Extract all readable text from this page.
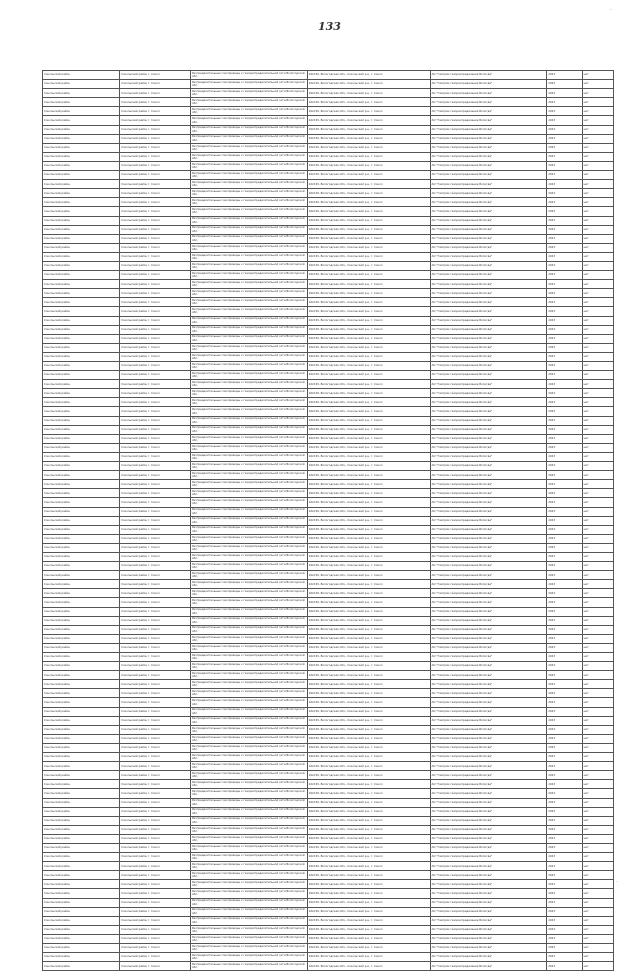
·
133
Сокольский район	Сокольский район г. Сокол	Распределительные газопроводы к газораспределительной сети Вологодской обл.	162130, Вологодская обл., Сокольский р-н, г. Сокол	АО "Газпром газораспределение Вологда"	2023	нет
Сокольский район	Сокольский район г. Сокол	Распределительные газопроводы к газораспределительной сети Вологодской обл.	162130, Вологодская обл., Сокольский р-н, г. Сокол	АО "Газпром газораспределение Вологда"	2023	нет
Сокольский район	Сокольский район г. Сокол	Распределительные газопроводы к газораспределительной сети Вологодской обл.	162130, Вологодская обл., Сокольский р-н, г. Сокол	АО "Газпром газораспределение Вологда"	2023	нет
Сокольский район	Сокольский район г. Сокол	Распределительные газопроводы к газораспределительной сети Вологодской обл.	162130, Вологодская обл., Сокольский р-н, г. Сокол	АО "Газпром газораспределение Вологда"	2023	нет
Сокольский район	Сокольский район г. Сокол	Распределительные газопроводы к газораспределительной сети Вологодской обл.	162130, Вологодская обл., Сокольский р-н, г. Сокол	АО "Газпром газораспределение Вологда"	2023	нет
Сокольский район	Сокольский район г. Сокол	Распределительные газопроводы к газораспределительной сети Вологодской обл.	162130, Вологодская обл., Сокольский р-н, г. Сокол	АО "Газпром газораспределение Вологда"	2023	нет
Сокольский район	Сокольский район г. Сокол	Распределительные газопроводы к газораспределительной сети Вологодской обл.	162130, Вологодская обл., Сокольский р-н, г. Сокол	АО "Газпром газораспределение Вологда"	2023	нет
Сокольский район	Сокольский район г. Сокол	Распределительные газопроводы к газораспределительной сети Вологодской обл.	162130, Вологодская обл., Сокольский р-н, г. Сокол	АО "Газпром газораспределение Вологда"	2023	нет
Сокольский район	Сокольский район г. Сокол	Распределительные газопроводы к газораспределительной сети Вологодской обл.	162130, Вологодская обл., Сокольский р-н, г. Сокол	АО "Газпром газораспределение Вологда"	2023	нет
Сокольский район	Сокольский район г. Сокол	Распределительные газопроводы к газораспределительной сети Вологодской обл.	162130, Вологодская обл., Сокольский р-н, г. Сокол	АО "Газпром газораспределение Вологда"	2023	нет
Сокольский район	Сокольский район г. Сокол	Распределительные газопроводы к газораспределительной сети Вологодской обл.	162130, Вологодская обл., Сокольский р-н, г. Сокол	АО "Газпром газораспределение Вологда"	2023	нет
Сокольский район	Сокольский район г. Сокол	Распределительные газопроводы к газораспределительной сети Вологодской обл.	162130, Вологодская обл., Сокольский р-н, г. Сокол	АО "Газпром газораспределение Вологда"	2023	нет
Сокольский район	Сокольский район г. Сокол	Распределительные газопроводы к газораспределительной сети Вологодской обл.	162130, Вологодская обл., Сокольский р-н, г. Сокол	АО "Газпром газораспределение Вологда"	2023	нет
Сокольский район	Сокольский район г. Сокол	Распределительные газопроводы к газораспределительной сети Вологодской обл.	162130, Вологодская обл., Сокольский р-н, г. Сокол	АО "Газпром газораспределение Вологда"	2023	нет
Сокольский район	Сокольский район г. Сокол	Распределительные газопроводы к газораспределительной сети Вологодской обл.	162130, Вологодская обл., Сокольский р-н, г. Сокол	АО "Газпром газораспределение Вологда"	2023	нет
Сокольский район	Сокольский район г. Сокол	Распределительные газопроводы к газораспределительной сети Вологодской обл.	162130, Вологодская обл., Сокольский р-н, г. Сокол	АО "Газпром газораспределение Вологда"	2023	нет
Сокольский район	Сокольский район г. Сокол	Распределительные газопроводы к газораспределительной сети Вологодской обл.	162130, Вологодская обл., Сокольский р-н, г. Сокол	АО "Газпром газораспределение Вологда"	2023	нет
Сокольский район	Сокольский район г. Сокол	Распределительные газопроводы к газораспределительной сети Вологодской обл.	162130, Вологодская обл., Сокольский р-н, г. Сокол	АО "Газпром газораспределение Вологда"	2023	нет
Сокольский район	Сокольский район г. Сокол	Распределительные газопроводы к газораспределительной сети Вологодской обл.	162130, Вологодская обл., Сокольский р-н, г. Сокол	АО "Газпром газораспределение Вологда"	2023	нет
Сокольский район	Сокольский район г. Сокол	Распределительные газопроводы к газораспределительной сети Вологодской обл.	162130, Вологодская обл., Сокольский р-н, г. Сокол	АО "Газпром газораспределение Вологда"	2023	нет
Сокольский район	Сокольский район г. Сокол	Распределительные газопроводы к газораспределительной сети Вологодской обл.	162130, Вологодская обл., Сокольский р-н, г. Сокол	АО "Газпром газораспределение Вологда"	2023	нет
Сокольский район	Сокольский район г. Сокол	Распределительные газопроводы к газораспределительной сети Вологодской обл.	162130, Вологодская обл., Сокольский р-н, г. Сокол	АО "Газпром газораспределение Вологда"	2023	нет
Сокольский район	Сокольский район г. Сокол	Распределительные газопроводы к газораспределительной сети Вологодской обл.	162130, Вологодская обл., Сокольский р-н, г. Сокол	АО "Газпром газораспределение Вологда"	2023	нет
Сокольский район	Сокольский район г. Сокол	Распределительные газопроводы к газораспределительной сети Вологодской обл.	162130, Вологодская обл., Сокольский р-н, г. Сокол	АО "Газпром газораспределение Вологда"	2023	нет
Сокольский район	Сокольский район г. Сокол	Распределительные газопроводы к газораспределительной сети Вологодской обл.	162130, Вологодская обл., Сокольский р-н, г. Сокол	АО "Газпром газораспределение Вологда"	2023	нет
Сокольский район	Сокольский район г. Сокол	Распределительные газопроводы к газораспределительной сети Вологодской обл.	162130, Вологодская обл., Сокольский р-н, г. Сокол	АО "Газпром газораспределение Вологда"	2023	нет
Сокольский район	Сокольский район г. Сокол	Распределительные газопроводы к газораспределительной сети Вологодской обл.	162130, Вологодская обл., Сокольский р-н, г. Сокол	АО "Газпром газораспределение Вологда"	2023	нет
Сокольский район	Сокольский район г. Сокол	Распределительные газопроводы к газораспределительной сети Вологодской обл.	162130, Вологодская обл., Сокольский р-н, г. Сокол	АО "Газпром газораспределение Вологда"	2023	нет
Сокольский район	Сокольский район г. Сокол	Распределительные газопроводы к газораспределительной сети Вологодской обл.	162130, Вологодская обл., Сокольский р-н, г. Сокол	АО "Газпром газораспределение Вологда"	2023	нет
Сокольский район	Сокольский район г. Сокол	Распределительные газопроводы к газораспределительной сети Вологодской обл.	162130, Вологодская обл., Сокольский р-н, г. Сокол	АО "Газпром газораспределение Вологда"	2023	нет
Сокольский район	Сокольский район г. Сокол	Распределительные газопроводы к газораспределительной сети Вологодской обл.	162130, Вологодская обл., Сокольский р-н, г. Сокол	АО "Газпром газораспределение Вологда"	2023	нет
Сокольский район	Сокольский район г. Сокол	Распределительные газопроводы к газораспределительной сети Вологодской обл.	162130, Вологодская обл., Сокольский р-н, г. Сокол	АО "Газпром газораспределение Вологда"	2023	нет
Сокольский район	Сокольский район г. Сокол	Распределительные газопроводы к газораспределительной сети Вологодской обл.	162130, Вологодская обл., Сокольский р-н, г. Сокол	АО "Газпром газораспределение Вологда"	2023	нет
Сокольский район	Сокольский район г. Сокол	Распределительные газопроводы к газораспределительной сети Вологодской обл.	162130, Вологодская обл., Сокольский р-н, г. Сокол	АО "Газпром газораспределение Вологда"	2023	нет
Сокольский район	Сокольский район г. Сокол	Распределительные газопроводы к газораспределительной сети Вологодской обл.	162130, Вологодская обл., Сокольский р-н, г. Сокол	АО "Газпром газораспределение Вологда"	2023	нет
Сокольский район	Сокольский район г. Сокол	Распределительные газопроводы к газораспределительной сети Вологодской обл.	162130, Вологодская обл., Сокольский р-н, г. Сокол	АО "Газпром газораспределение Вологда"	2023	нет
Сокольский район	Сокольский район г. Сокол	Распределительные газопроводы к газораспределительной сети Вологодской обл.	162130, Вологодская обл., Сокольский р-н, г. Сокол	АО "Газпром газораспределение Вологда"	2023	нет
Сокольский район	Сокольский район г. Сокол	Распределительные газопроводы к газораспределительной сети Вологодской обл.	162130, Вологодская обл., Сокольский р-н, г. Сокол	АО "Газпром газораспределение Вологда"	2023	нет
Сокольский район	Сокольский район г. Сокол	Распределительные газопроводы к газораспределительной сети Вологодской обл.	162130, Вологодская обл., Сокольский р-н, г. Сокол	АО "Газпром газораспределение Вологда"	2023	нет
Сокольский район	Сокольский район г. Сокол	Распределительные газопроводы к газораспределительной сети Вологодской обл.	162130, Вологодская обл., Сокольский р-н, г. Сокол	АО "Газпром газораспределение Вологда"	2023	нет
Сокольский район	Сокольский район г. Сокол	Распределительные газопроводы к газораспределительной сети Вологодской обл.	162130, Вологодская обл., Сокольский р-н, г. Сокол	АО "Газпром газораспределение Вологда"	2023	нет
Сокольский район	Сокольский район г. Сокол	Распределительные газопроводы к газораспределительной сети Вологодской обл.	162130, Вологодская обл., Сокольский р-н, г. Сокол	АО "Газпром газораспределение Вологда"	2023	нет
Сокольский район	Сокольский район г. Сокол	Распределительные газопроводы к газораспределительной сети Вологодской обл.	162130, Вологодская обл., Сокольский р-н, г. Сокол	АО "Газпром газораспределение Вологда"	2023	нет
Сокольский район	Сокольский район г. Сокол	Распределительные газопроводы к газораспределительной сети Вологодской обл.	162130, Вологодская обл., Сокольский р-н, г. Сокол	АО "Газпром газораспределение Вологда"	2023	нет
Сокольский район	Сокольский район г. Сокол	Распределительные газопроводы к газораспределительной сети Вологодской обл.	162130, Вологодская обл., Сокольский р-н, г. Сокол	АО "Газпром газораспределение Вологда"	2023	нет
Сокольский район	Сокольский район г. Сокол	Распределительные газопроводы к газораспределительной сети Вологодской обл.	162130, Вологодская обл., Сокольский р-н, г. Сокол	АО "Газпром газораспределение Вологда"	2023	нет
Сокольский район	Сокольский район г. Сокол	Распределительные газопроводы к газораспределительной сети Вологодской обл.	162130, Вологодская обл., Сокольский р-н, г. Сокол	АО "Газпром газораспределение Вологда"	2023	нет
Сокольский район	Сокольский район г. Сокол	Распределительные газопроводы к газораспределительной сети Вологодской обл.	162130, Вологодская обл., Сокольский р-н, г. Сокол	АО "Газпром газораспределение Вологда"	2023	нет
Сокольский район	Сокольский район г. Сокол	Распределительные газопроводы к газораспределительной сети Вологодской обл.	162130, Вологодская обл., Сокольский р-н, г. Сокол	АО "Газпром газораспределение Вологда"	2023	нет
Сокольский район	Сокольский район г. Сокол	Распределительные газопроводы к газораспределительной сети Вологодской обл.	162130, Вологодская обл., Сокольский р-н, г. Сокол	АО "Газпром газораспределение Вологда"	2023	нет
Сокольский район	Сокольский район г. Сокол	Распределительные газопроводы к газораспределительной сети Вологодской обл.	162130, Вологодская обл., Сокольский р-н, г. Сокол	АО "Газпром газораспределение Вологда"	2023	нет
Сокольский район	Сокольский район г. Сокол	Распределительные газопроводы к газораспределительной сети Вологодской обл.	162130, Вологодская обл., Сокольский р-н, г. Сокол	АО "Газпром газораспределение Вологда"	2023	нет
Сокольский район	Сокольский район г. Сокол	Распределительные газопроводы к газораспределительной сети Вологодской обл.	162130, Вологодская обл., Сокольский р-н, г. Сокол	АО "Газпром газораспределение Вологда"	2023	нет
Сокольский район	Сокольский район г. Сокол	Распределительные газопроводы к газораспределительной сети Вологодской обл.	162130, Вологодская обл., Сокольский р-н, г. Сокол	АО "Газпром газораспределение Вологда"	2023	нет
Сокольский район	Сокольский район г. Сокол	Распределительные газопроводы к газораспределительной сети Вологодской обл.	162130, Вологодская обл., Сокольский р-н, г. Сокол	АО "Газпром газораспределение Вологда"	2023	нет
Сокольский район	Сокольский район г. Сокол	Распределительные газопроводы к газораспределительной сети Вологодской обл.	162130, Вологодская обл., Сокольский р-н, г. Сокол	АО "Газпром газораспределение Вологда"	2023	нет
Сокольский район	Сокольский район г. Сокол	Распределительные газопроводы к газораспределительной сети Вологодской обл.	162130, Вологодская обл., Сокольский р-н, г. Сокол	АО "Газпром газораспределение Вологда"	2023	нет
Сокольский район	Сокольский район г. Сокол	Распределительные газопроводы к газораспределительной сети Вологодской обл.	162130, Вологодская обл., Сокольский р-н, г. Сокол	АО "Газпром газораспределение Вологда"	2023	нет
Сокольский район	Сокольский район г. Сокол	Распределительные газопроводы к газораспределительной сети Вологодской обл.	162130, Вологодская обл., Сокольский р-н, г. Сокол	АО "Газпром газораспределение Вологда"	2023	нет
Сокольский район	Сокольский район г. Сокол	Распределительные газопроводы к газораспределительной сети Вологодской обл.	162130, Вологодская обл., Сокольский р-н, г. Сокол	АО "Газпром газораспределение Вологда"	2023	нет
Сокольский район	Сокольский район г. Сокол	Распределительные газопроводы к газораспределительной сети Вологодской обл.	162130, Вологодская обл., Сокольский р-н, г. Сокол	АО "Газпром газораспределение Вологда"	2023	нет
Сокольский район	Сокольский район г. Сокол	Распределительные газопроводы к газораспределительной сети Вологодской обл.	162130, Вологодская обл., Сокольский р-н, г. Сокол	АО "Газпром газораспределение Вологда"	2023	нет
Сокольский район	Сокольский район г. Сокол	Распределительные газопроводы к газораспределительной сети Вологодской обл.	162130, Вологодская обл., Сокольский р-н, г. Сокол	АО "Газпром газораспределение Вологда"	2023	нет
Сокольский район	Сокольский район г. Сокол	Распределительные газопроводы к газораспределительной сети Вологодской обл.	162130, Вологодская обл., Сокольский р-н, г. Сокол	АО "Газпром газораспределение Вологда"	2023	нет
Сокольский район	Сокольский район г. Сокол	Распределительные газопроводы к газораспределительной сети Вологодской обл.	162130, Вологодская обл., Сокольский р-н, г. Сокол	АО "Газпром газораспределение Вологда"	2023	нет
Сокольский район	Сокольский район г. Сокол	Распределительные газопроводы к газораспределительной сети Вологодской обл.	162130, Вологодская обл., Сокольский р-н, г. Сокол	АО "Газпром газораспределение Вологда"	2023	нет
Сокольский район	Сокольский район г. Сокол	Распределительные газопроводы к газораспределительной сети Вологодской обл.	162130, Вологодская обл., Сокольский р-н, г. Сокол	АО "Газпром газораспределение Вологда"	2023	нет
Сокольский район	Сокольский район г. Сокол	Распределительные газопроводы к газораспределительной сети Вологодской обл.	162130, Вологодская обл., Сокольский р-н, г. Сокол	АО "Газпром газораспределение Вологда"	2023	нет
Сокольский район	Сокольский район г. Сокол	Распределительные газопроводы к газораспределительной сети Вологодской обл.	162130, Вологодская обл., Сокольский р-н, г. Сокол	АО "Газпром газораспределение Вологда"	2023	нет
Сокольский район	Сокольский район г. Сокол	Распределительные газопроводы к газораспределительной сети Вологодской обл.	162130, Вологодская обл., Сокольский р-н, г. Сокол	АО "Газпром газораспределение Вологда"	2023	нет
Сокольский район	Сокольский район г. Сокол	Распределительные газопроводы к газораспределительной сети Вологодской обл.	162130, Вологодская обл., Сокольский р-н, г. Сокол	АО "Газпром газораспределение Вологда"	2023	нет
Сокольский район	Сокольский район г. Сокол	Распределительные газопроводы к газораспределительной сети Вологодской обл.	162130, Вологодская обл., Сокольский р-н, г. Сокол	АО "Газпром газораспределение Вологда"	2023	нет
Сокольский район	Сокольский район г. Сокол	Распределительные газопроводы к газораспределительной сети Вологодской обл.	162130, Вологодская обл., Сокольский р-н, г. Сокол	АО "Газпром газораспределение Вологда"	2023	нет
Сокольский район	Сокольский район г. Сокол	Распределительные газопроводы к газораспределительной сети Вологодской обл.	162130, Вологодская обл., Сокольский р-н, г. Сокол	АО "Газпром газораспределение Вологда"	2023	нет
Сокольский район	Сокольский район г. Сокол	Распределительные газопроводы к газораспределительной сети Вологодской обл.	162130, Вологодская обл., Сокольский р-н, г. Сокол	АО "Газпром газораспределение Вологда"	2023	нет
Сокольский район	Сокольский район г. Сокол	Распределительные газопроводы к газораспределительной сети Вологодской обл.	162130, Вологодская обл., Сокольский р-н, г. Сокол	АО "Газпром газораспределение Вологда"	2023	нет
Сокольский район	Сокольский район г. Сокол	Распределительные газопроводы к газораспределительной сети Вологодской обл.	162130, Вологодская обл., Сокольский р-н, г. Сокол	АО "Газпром газораспределение Вологда"	2023	нет
Сокольский район	Сокольский район г. Сокол	Распределительные газопроводы к газораспределительной сети Вологодской обл.	162130, Вологодская обл., Сокольский р-н, г. Сокол	АО "Газпром газораспределение Вологда"	2023	нет
Сокольский район	Сокольский район г. Сокол	Распределительные газопроводы к газораспределительной сети Вологодской обл.	162130, Вологодская обл., Сокольский р-н, г. Сокол	АО "Газпром газораспределение Вологда"	2023	нет
Сокольский район	Сокольский район г. Сокол	Распределительные газопроводы к газораспределительной сети Вологодской обл.	162130, Вологодская обл., Сокольский р-н, г. Сокол	АО "Газпром газораспределение Вологда"	2023	нет
Сокольский район	Сокольский район г. Сокол	Распределительные газопроводы к газораспределительной сети Вологодской обл.	162130, Вологодская обл., Сокольский р-н, г. Сокол	АО "Газпром газораспределение Вологда"	2023	нет
Сокольский район	Сокольский район г. Сокол	Распределительные газопроводы к газораспределительной сети Вологодской обл.	162130, Вологодская обл., Сокольский р-н, г. Сокол	АО "Газпром газораспределение Вологда"	2023	нет
Сокольский район	Сокольский район г. Сокол	Распределительные газопроводы к газораспределительной сети Вологодской обл.	162130, Вологодская обл., Сокольский р-н, г. Сокол	АО "Газпром газораспределение Вологда"	2023	нет
Сокольский район	Сокольский район г. Сокол	Распределительные газопроводы к газораспределительной сети Вологодской обл.	162130, Вологодская обл., Сокольский р-н, г. Сокол	АО "Газпром газораспределение Вологда"	2023	нет
Сокольский район	Сокольский район г. Сокол	Распределительные газопроводы к газораспределительной сети Вологодской обл.	162130, Вологодская обл., Сокольский р-н, г. Сокол	АО "Газпром газораспределение Вологда"	2023	нет
Сокольский район	Сокольский район г. Сокол	Распределительные газопроводы к газораспределительной сети Вологодской обл.	162130, Вологодская обл., Сокольский р-н, г. Сокол	АО "Газпром газораспределение Вологда"	2023	нет
Сокольский район	Сокольский район г. Сокол	Распределительные газопроводы к газораспределительной сети Вологодской обл.	162130, Вологодская обл., Сокольский р-н, г. Сокол	АО "Газпром газораспределение Вологда"	2023	нет
Сокольский район	Сокольский район г. Сокол	Распределительные газопроводы к газораспределительной сети Вологодской обл.	162130, Вологодская обл., Сокольский р-н, г. Сокол	АО "Газпром газораспределение Вологда"	2023	нет
Сокольский район	Сокольский район г. Сокол	Распределительные газопроводы к газораспределительной сети Вологодской обл.	162130, Вологодская обл., Сокольский р-н, г. Сокол	АО "Газпром газораспределение Вологда"	2023	нет
Сокольский район	Сокольский район г. Сокол	Распределительные газопроводы к газораспределительной сети Вологодской обл.	162130, Вологодская обл., Сокольский р-н, г. Сокол	АО "Газпром газораспределение Вологда"	2023	нет
Сокольский район	Сокольский район г. Сокол	Распределительные газопроводы к газораспределительной сети Вологодской обл.	162130, Вологодская обл., Сокольский р-н, г. Сокол	АО "Газпром газораспределение Вологда"	2023	нет
Сокольский район	Сокольский район г. Сокол	Распределительные газопроводы к газораспределительной сети Вологодской обл.	162130, Вологодская обл., Сокольский р-н, г. Сокол	АО "Газпром газораспределение Вологда"	2023	нет
Сокольский район	Сокольский район г. Сокол	Распределительные газопроводы к газораспределительной сети Вологодской обл.	162130, Вологодская обл., Сокольский р-н, г. Сокол	АО "Газпром газораспределение Вологда"	2023	нет
Сокольский район	Сокольский район г. Сокол	Распределительные газопроводы к газораспределительной сети Вологодской обл.	162130, Вологодская обл., Сокольский р-н, г. Сокол	АО "Газпром газораспределение Вологда"	2023	нет
Сокольский район	Сокольский район г. Сокол	Распределительные газопроводы к газораспределительной сети Вологодской обл.	162130, Вологодская обл., Сокольский р-н, г. Сокол	АО "Газпром газораспределение Вологда"	2023	нет
Сокольский район	Сокольский район г. Сокол	Распределительные газопроводы к газораспределительной сети Вологодской обл.	162130, Вологодская обл., Сокольский р-н, г. Сокол	АО "Газпром газораспределение Вологда"	2023	нет
Сокольский район	Сокольский район г. Сокол	Распределительные газопроводы к газораспределительной сети Вологодской обл.	162130, Вологодская обл., Сокольский р-н, г. Сокол	АО "Газпром газораспределение Вологда"	2023	нет
Сокольский район	Сокольский район г. Сокол	Распределительные газопроводы к газораспределительной сети Вологодской обл.	162130, Вологодская обл., Сокольский р-н, г. Сокол	АО "Газпром газораспределение Вологда"	2023	нет
Сокольский район	Сокольский район г. Сокол	Распределительные газопроводы к газораспределительной сети Вологодской обл.	162130, Вологодская обл., Сокольский р-н, г. Сокол	АО "Газпром газораспределение Вологда"	2023	нет
· ·
